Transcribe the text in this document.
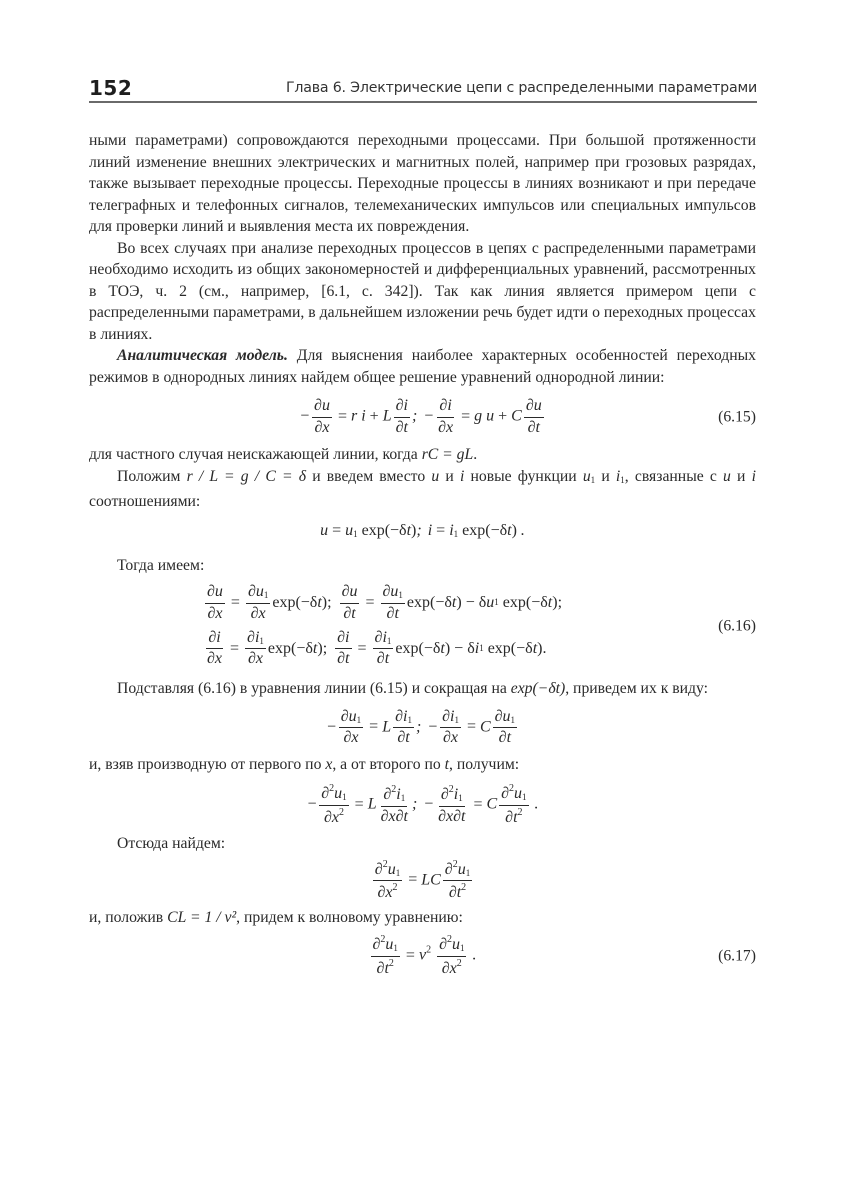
152	Глава 6. Электрические цепи с распределенными параметрами

ными параметрами) сопровождаются переходными процессами. При большой протяженности линий изменение внешних электрических и магнитных полей, например при грозовых разрядах, также вызывает переходные процессы. Переходные процессы в линиях возникают и при передаче телеграфных и телефонных сигналов, телемеханических импульсов или специальных импульсов для проверки линий и выявления места их повреждения.

Во всех случаях при анализе переходных процессов в цепях с распределенными параметрами необходимо исходить из общих закономерностей и дифференциальных уравнений, рассмотренных в ТОЭ, ч. 2 (см., например, [6.1, с. 342]). Так как линия является примером цепи с распределенными параметрами, в дальнейшем изложении речь будет идти о переходных процессах в линиях.

Аналитическая модель. Для выяснения наиболее характерных особенностей переходных режимов в однородных линиях найдем общее решение уравнений однородной линии:

− $\frac{\partial u}{\partial x} = r$ i + L $\frac{\partial i}{\partial t}$ ; − $\frac{\partial i}{\partial x} = g$ u + C $\frac{\partial u}{\partial t}$	(6.15)

для частного случая неискажающей линии, когда rC = gL.

Положим r / L = g / C = δ и введем вместо u и i новые функции $u_1$ и $i_1$, связанные с u и i соотношениями:

$u = u_1$ exp(−δt); $i = i_1$ exp(−δt) .

Тогда имеем:

$\frac{\partial u}{\partial x} = \frac{\partial u_1}{\partial x} \exp(-\delta$ t ); $\frac{\partial u}{\partial t} = \frac{\partial u_1}{\partial t} \exp(-\delta$ t ) − δ u 1
exp(−δ t );
$\frac{\partial i}{\partial x} = \frac{\partial i_1}{\partial x} \exp(-\delta$ t ); $\frac{\partial i}{\partial t} = \frac{\partial i_1}{\partial t} \exp(-\delta$ t ) − δ i 1
exp(−δ t ).
(6.16)

Подставляя (6.16) в уравнения линии (6.15) и сокращая на exp(−δt), приведем их к виду:

− $\frac{\partial u_1}{\partial x} = L \frac{\partial i_1}{\partial t}$ ; − $\frac{\partial i_1}{\partial x} = C \frac{\partial u_1}{\partial t}$

и, взяв производную от первого по x, а от второго по t, получим:

− $\frac{\partial^2u_1}{\partial x^2} = L \frac{\partial^2i_1}{\partial x\partial t}$ ; − $\frac{\partial^2i_1}{\partial x\partial t} = C \frac{\partial^2u_1}{\partial t^2}$ .

Отсюда найдем:

$\frac{\partial^2u_1}{\partial x^2}$ = LC $\frac{\partial^2u_1}{\partial t^2}$

и, положив CL = 1 / v², придем к волновому уравнению:

$\frac{\partial^2u_1}{\partial t^2} = v^2 \frac{\partial^2u_1}{\partial x^2}$ .	(6.17)
